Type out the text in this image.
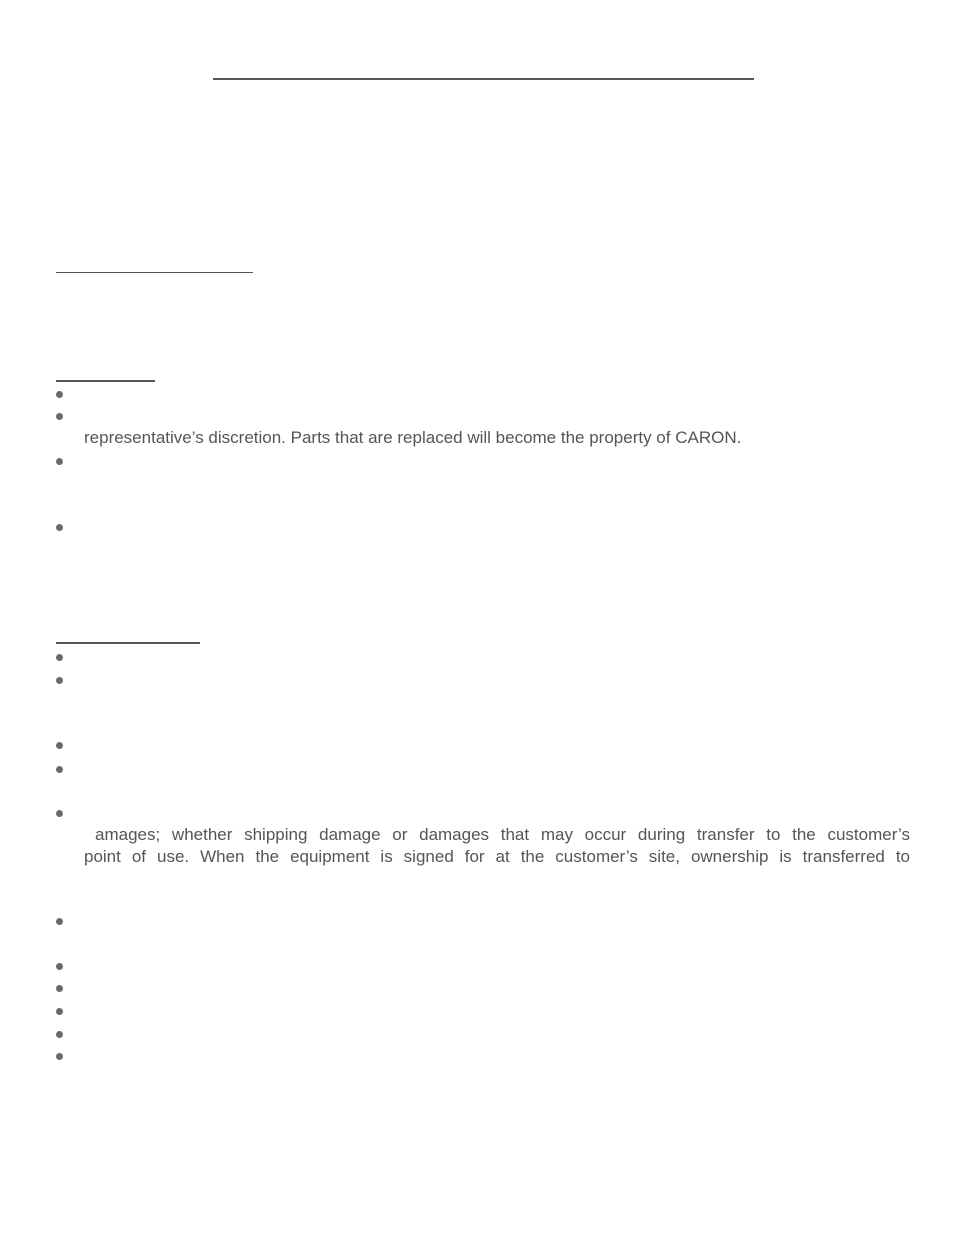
representative’s discretion. Parts that are replaced will become the property of CARON.
amages; whether shipping damage or damages that may occur during transfer to the customer’s
point of use. When the equipment is signed for at the customer’s site, ownership is transferred to
